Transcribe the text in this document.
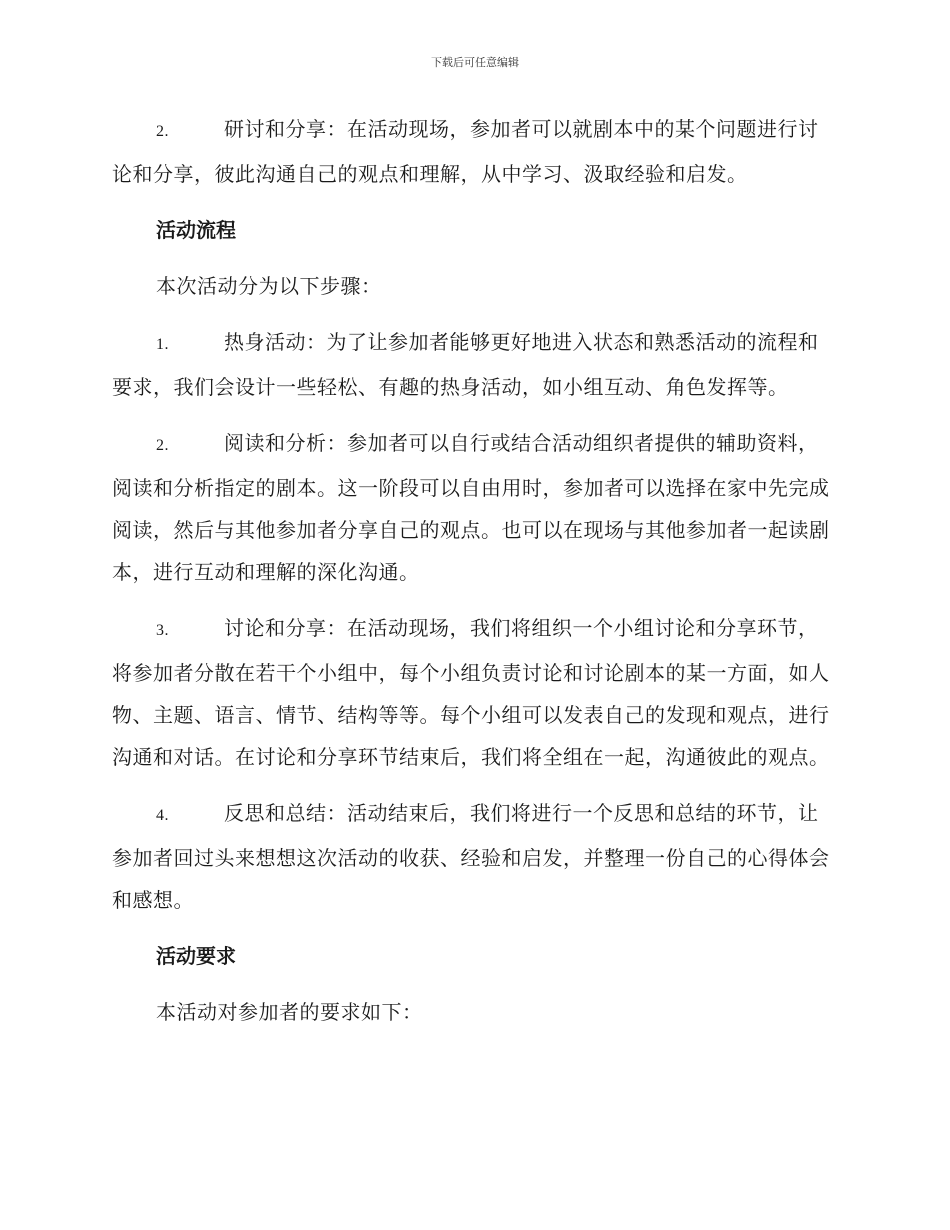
下载后可任意编辑

2.	研讨和分享：在活动现场，参加者可以就剧本中的某个问题进行讨论和分享，彼此沟通自己的观点和理解，从中学习、汲取经验和启发。

活动流程

本次活动分为以下步骤：

1.	热身活动：为了让参加者能够更好地进入状态和熟悉活动的流程和要求，我们会设计一些轻松、有趣的热身活动，如小组互动、角色发挥等。

2.	阅读和分析：参加者可以自行或结合活动组织者提供的辅助资料，阅读和分析指定的剧本。这一阶段可以自由用时，参加者可以选择在家中先完成阅读，然后与其他参加者分享自己的观点。也可以在现场与其他参加者一起读剧本，进行互动和理解的深化沟通。

3.	讨论和分享：在活动现场，我们将组织一个小组讨论和分享环节，将参加者分散在若干个小组中，每个小组负责讨论和讨论剧本的某一方面，如人物、主题、语言、情节、结构等等。每个小组可以发表自己的发现和观点，进行沟通和对话。在讨论和分享环节结束后，我们将全组在一起，沟通彼此的观点。

4.	反思和总结：活动结束后，我们将进行一个反思和总结的环节，让参加者回过头来想想这次活动的收获、经验和启发，并整理一份自己的心得体会和感想。

活动要求

本活动对参加者的要求如下：
